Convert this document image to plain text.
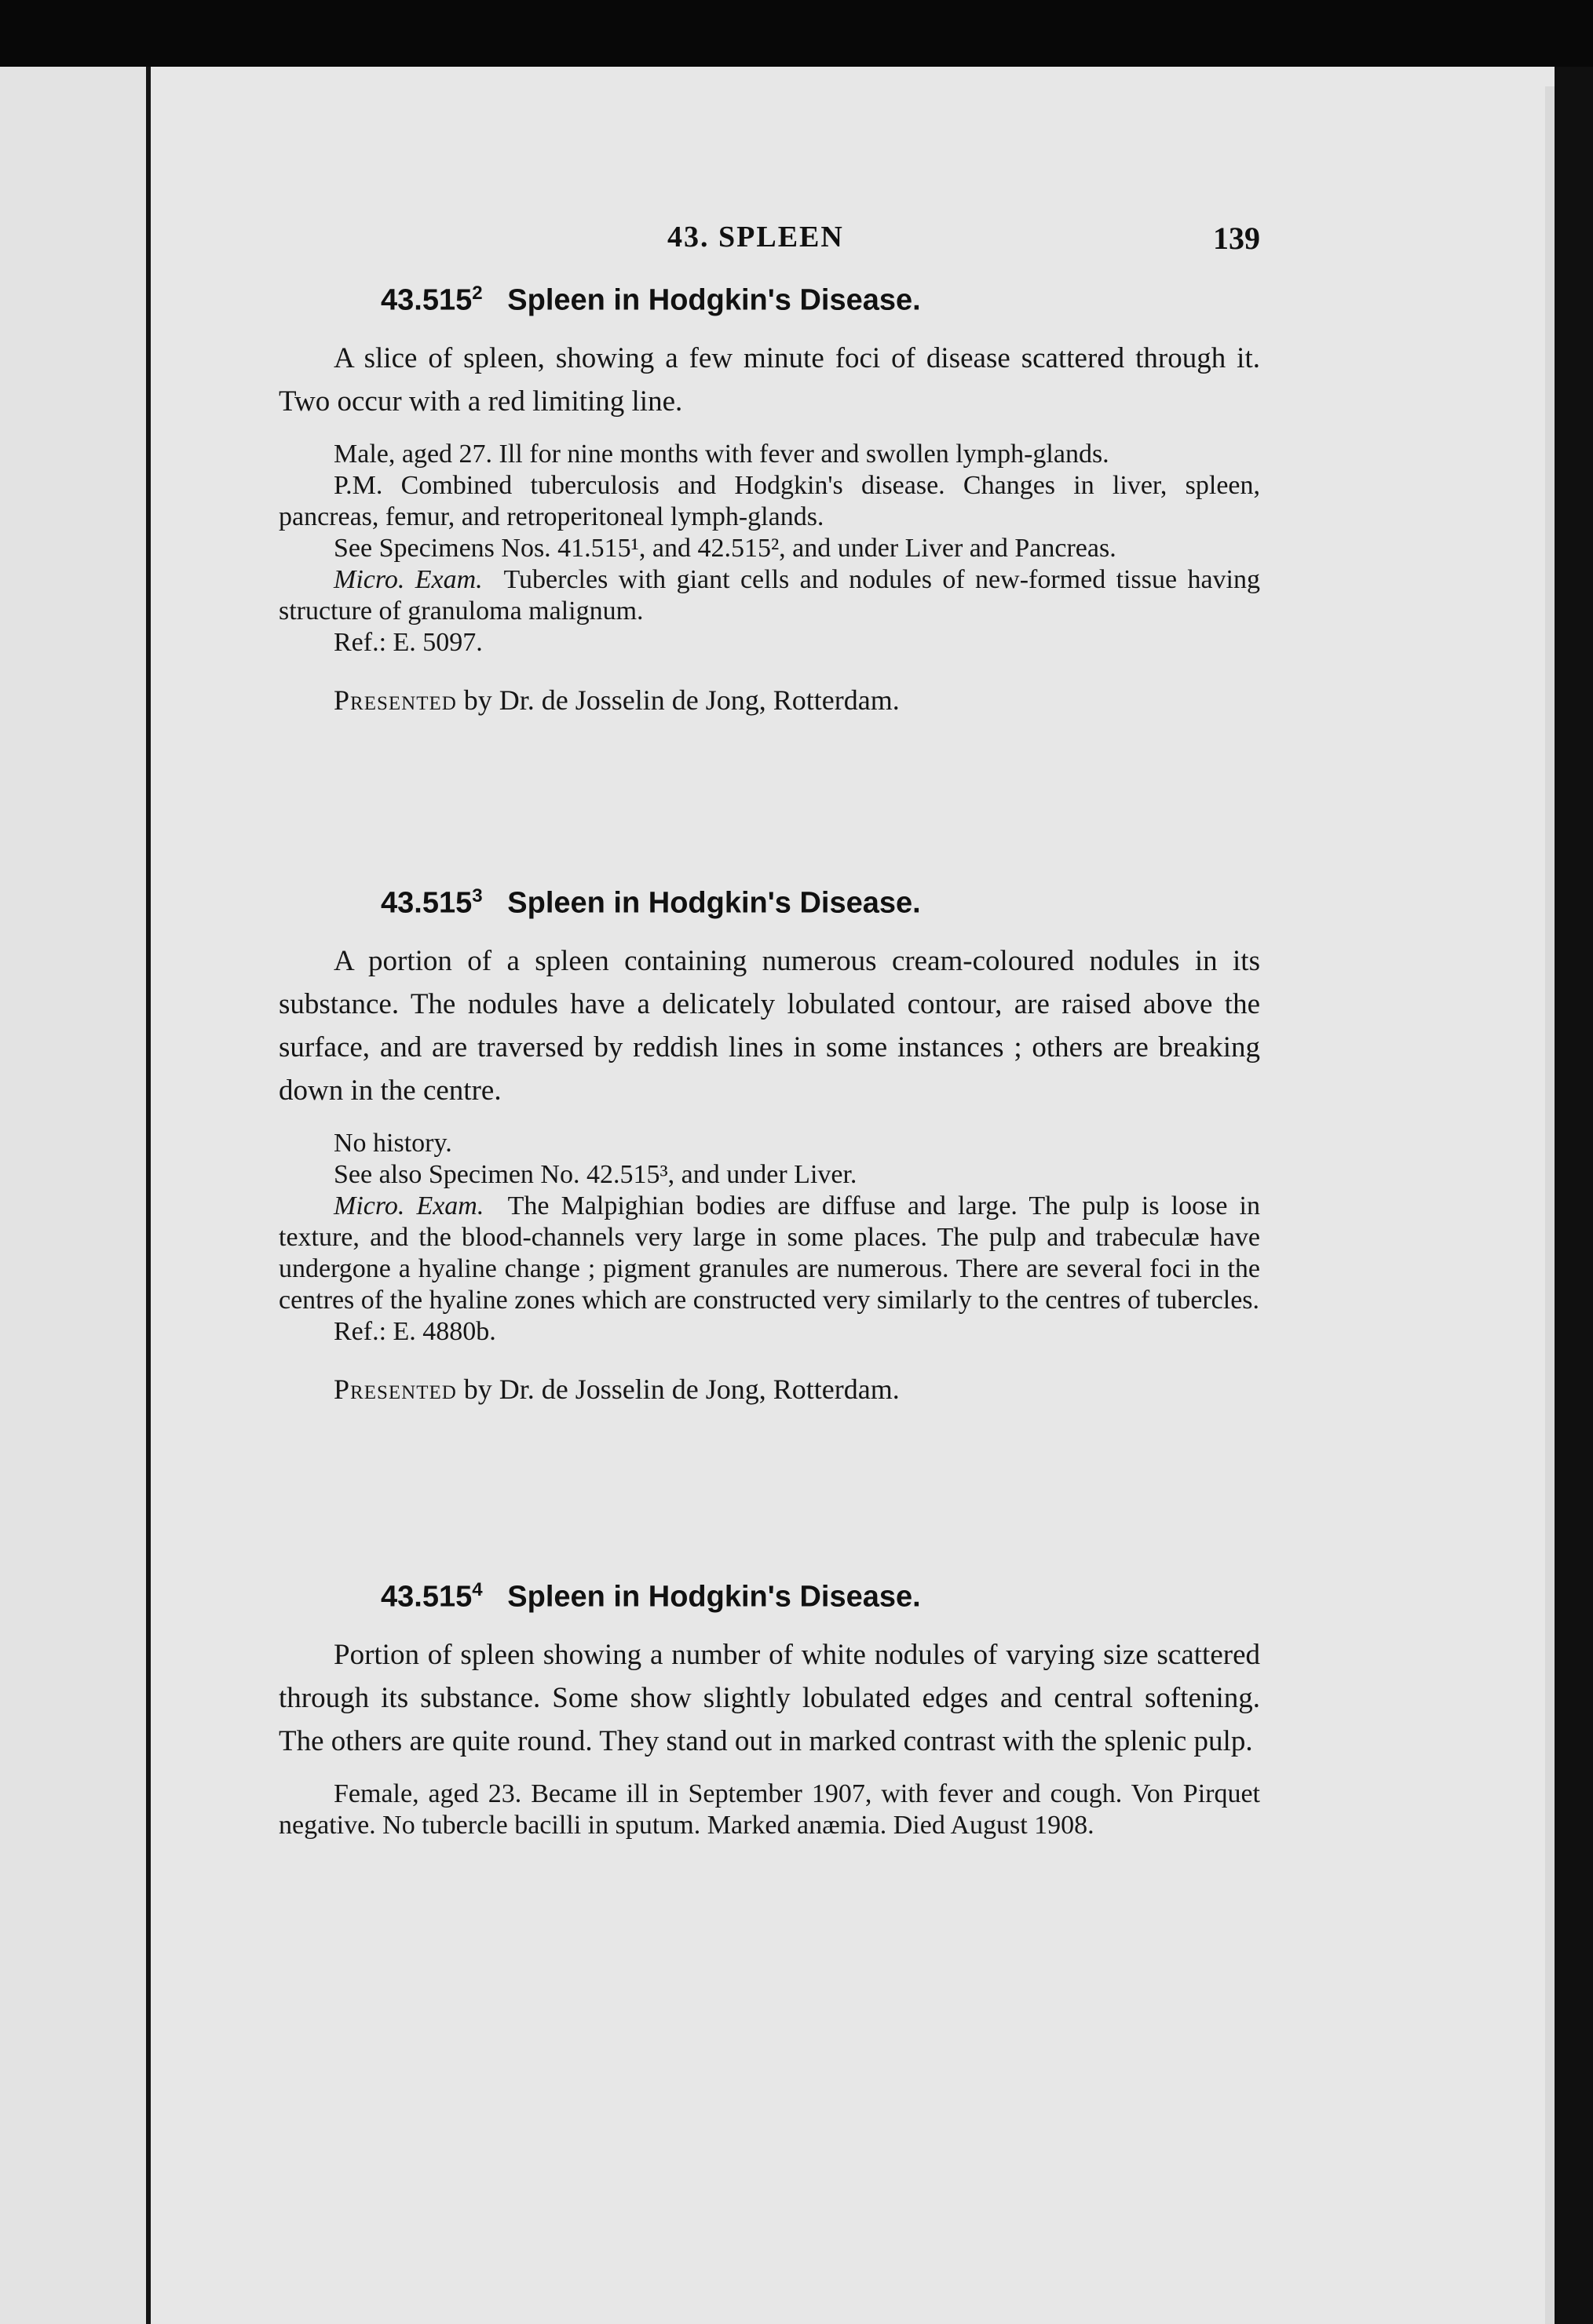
43. SPLEEN	139
43.515$^2$ Spleen in Hodgkin's Disease.

A slice of spleen, showing a few minute foci of disease scattered through it. Two occur with a red limiting line.

Male, aged 27. Ill for nine months with fever and swollen lymph-glands.

P.M. Combined tuberculosis and Hodgkin's disease. Changes in liver, spleen, pancreas, femur, and retroperitoneal lymph-glands.

See Specimens Nos. 41.515¹, and 42.515², and under Liver and Pancreas.

Micro. Exam. Tubercles with giant cells and nodules of new-formed tissue having structure of granuloma malignum.

Ref.: E. 5097.

Presented by Dr. de Josselin de Jong, Rotterdam.

43.515$^3$ Spleen in Hodgkin's Disease.

A portion of a spleen containing numerous cream-coloured nodules in its substance. The nodules have a delicately lobulated contour, are raised above the surface, and are traversed by reddish lines in some instances ; others are breaking down in the centre.

No history.

See also Specimen No. 42.515³, and under Liver.

Micro. Exam. The Malpighian bodies are diffuse and large. The pulp is loose in texture, and the blood-channels very large in some places. The pulp and trabeculæ have undergone a hyaline change ; pigment granules are numerous. There are several foci in the centres of the hyaline zones which are constructed very similarly to the centres of tubercles.

Ref.: E. 4880b.

Presented by Dr. de Josselin de Jong, Rotterdam.

43.515$^4$ Spleen in Hodgkin's Disease.

Portion of spleen showing a number of white nodules of varying size scattered through its substance. Some show slightly lobulated edges and central softening. The others are quite round. They stand out in marked contrast with the splenic pulp.

Female, aged 23. Became ill in September 1907, with fever and cough. Von Pirquet negative. No tubercle bacilli in sputum. Marked anæmia. Died August 1908.
